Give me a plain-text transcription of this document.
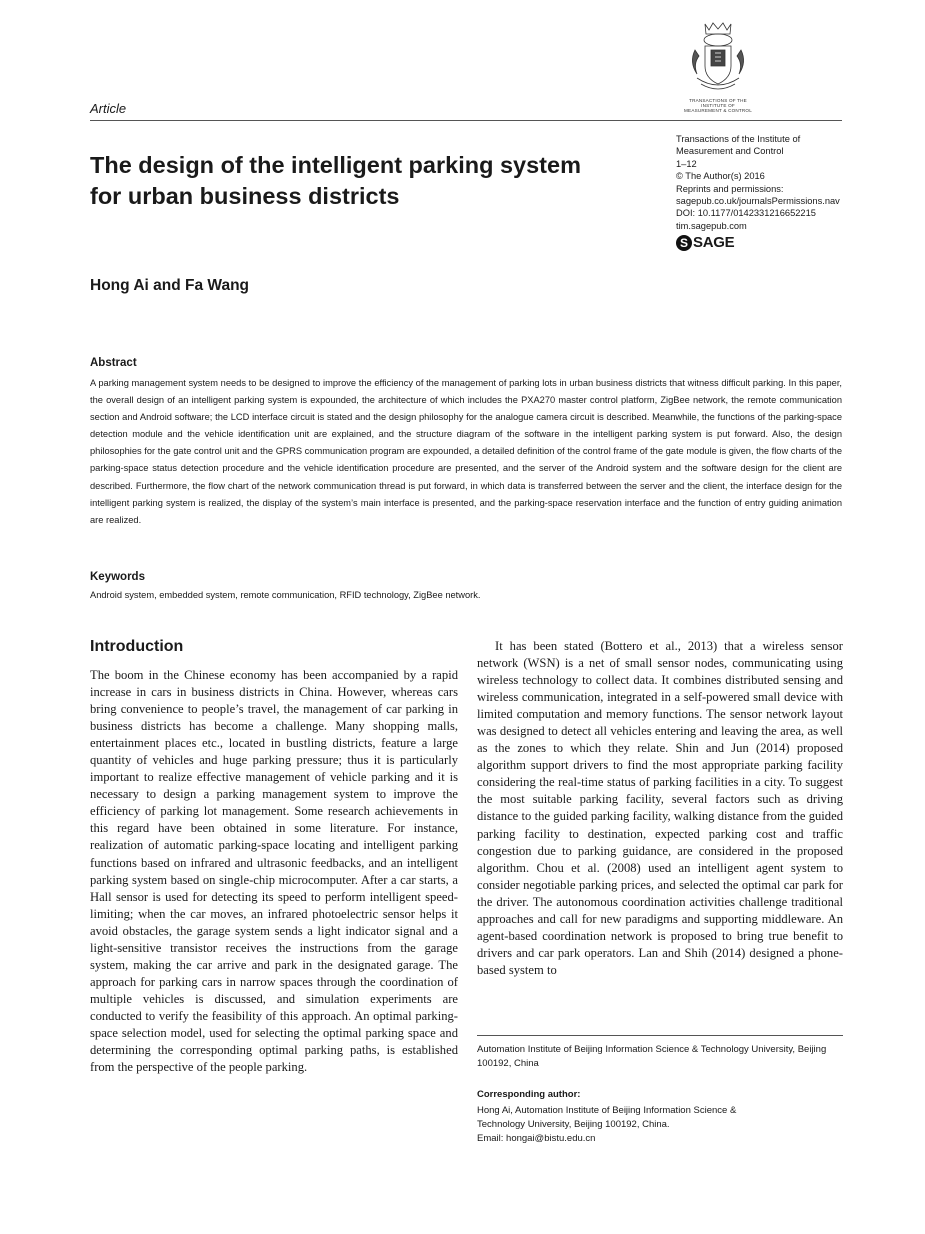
TRANSACTIONS OF THE
INSTITUTE OF
MEASUREMENT & CONTROL
Article
The design of the intelligent parking system for urban business districts
Hong Ai and Fa Wang
Transactions of the Institute of
Measurement and Control
1–12
© The Author(s) 2016
Reprints and permissions:
sagepub.co.uk/journalsPermissions.nav
DOI: 10.1177/0142331216652215
tim.sagepub.com
S SAGE
Abstract

A parking management system needs to be designed to improve the efficiency of the management of parking lots in urban business districts that witness difficult parking. In this paper, the overall design of an intelligent parking system is expounded, the architecture of which includes the PXA270 master control platform, ZigBee network, the remote communication section and Android software; the LCD interface circuit is stated and the design philosophy for the analogue camera circuit is described. Meanwhile, the functions of the parking-space detection module and the vehicle identification unit are explained, and the structure diagram of the software in the intelligent parking system is put forward. Also, the design philosophies for the gate control unit and the GPRS communication program are expounded, a detailed definition of the control frame of the gate module is given, the flow charts of the parking-space status detection procedure and the vehicle identification procedure are presented, and the server of the Android system and the software design for the client are described. Furthermore, the flow chart of the network communication thread is put forward, in which data is transferred between the server and the client, the interface design for the intelligent parking system is realized, the display of the system’s main interface is presented, and the parking-space reservation interface and the function of entry guiding animation are realized.

Keywords
Android system, embedded system, remote communication, RFID technology, ZigBee network.
Introduction

The boom in the Chinese economy has been accompanied by a rapid increase in cars in business districts in China. However, whereas cars bring convenience to people’s travel, the management of car parking in business districts has become a challenge. Many shopping malls, entertainment places etc., located in bustling districts, feature a large quantity of vehicles and huge parking pressure; thus it is particularly important to realize effective management of vehicle parking and it is necessary to design a parking management system to improve the efficiency of parking lot management. Some research achievements in this regard have been obtained in some literature. For instance, realization of automatic parking-space locating and intelligent parking functions based on infrared and ultrasonic feedbacks, and an intelligent parking system based on single-chip microcomputer. After a car starts, a Hall sensor is used for detecting its speed to perform intelligent speed-limiting; when the car moves, an infrared photoelectric sensor helps it avoid obstacles, the garage system sends a light indicator signal and a light-sensitive transistor receives the instructions from the garage system, making the car arrive and park in the designated garage. The approach for parking cars in narrow spaces through the coordination of multiple vehicles is discussed, and simulation experiments are conducted to verify the feasibility of this approach. An optimal parking-space selection model, used for selecting the optimal parking space and determining the corresponding optimal parking paths, is established from the perspective of the people parking.

It has been stated (Bottero et al., 2013) that a wireless sensor network (WSN) is a net of small sensor nodes, communicating using wireless technology to collect data. It combines distributed sensing and wireless communication, integrated in a self-powered small device with limited computation and memory functions. The sensor network layout was designed to detect all vehicles entering and leaving the area, as well as the zones to which they relate. Shin and Jun (2014) proposed algorithm support drivers to find the most appropriate parking facility considering the real-time status of parking facilities in a city. To suggest the most suitable parking facility, several factors such as driving distance to the guided parking facility, walking distance from the guided parking facility to destination, expected parking cost and traffic congestion due to parking guidance, are considered in the proposed algorithm. Chou et al. (2008) used an intelligent agent system to consider negotiable parking prices, and selected the optimal car park for the driver. The autonomous coordination activities challenge traditional approaches and call for new paradigms and supporting middleware. An agent-based coordination network is proposed to bring true benefit to drivers and car park operators. Lan and Shih (2014) designed a phone-based system to

Automation Institute of Beijing Information Science & Technology University, Beijing 100192, China
Corresponding author:
Hong Ai, Automation Institute of Beijing Information Science &
Technology University, Beijing 100192, China.
Email: hongai@bistu.edu.cn
